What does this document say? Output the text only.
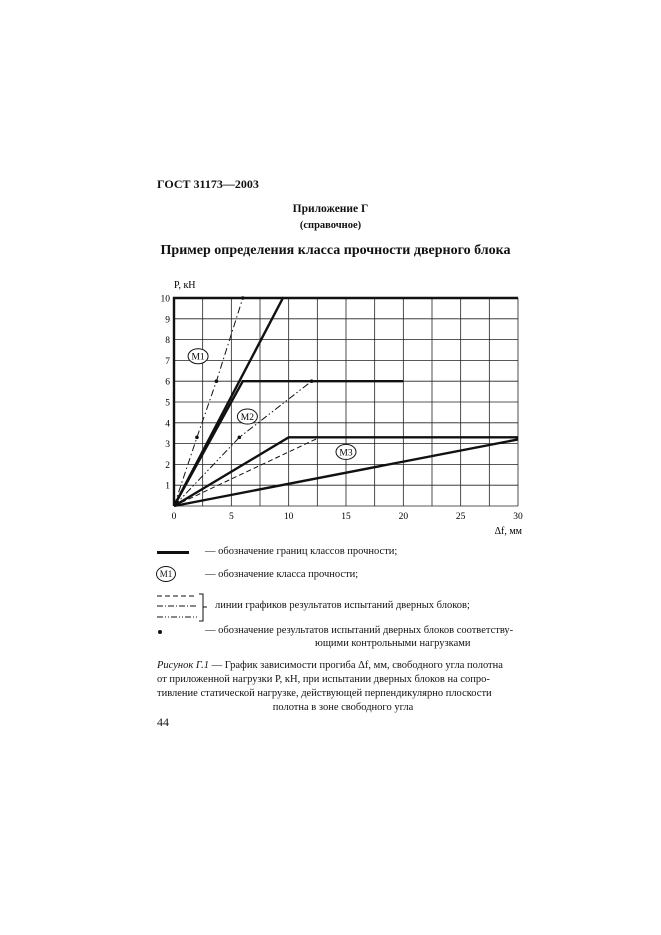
ГОСТ 31173—2003
Приложение Г
(справочное)
Пример определения класса прочности дверного блока
0	5	10	15	20	25	30
1
2
3
4
5
6
7
8
9
10
P, кН
Δf, мм
M1
M2
M3
— обозначение границ классов прочности;
M1	— обозначение класса прочности;
линии графиков результатов испытаний дверных блоков;
— обозначение результатов испытаний дверных блоков соответству-
ющими контрольными нагрузками
Рисунок Г.1 — График зависимости прогиба Δf, мм, свободного угла полотна
от приложенной нагрузки P, кН, при испытании дверных блоков на сопро-
тивление статической нагрузке, действующей перпендикулярно плоскости
полотна в зоне свободного угла
44
